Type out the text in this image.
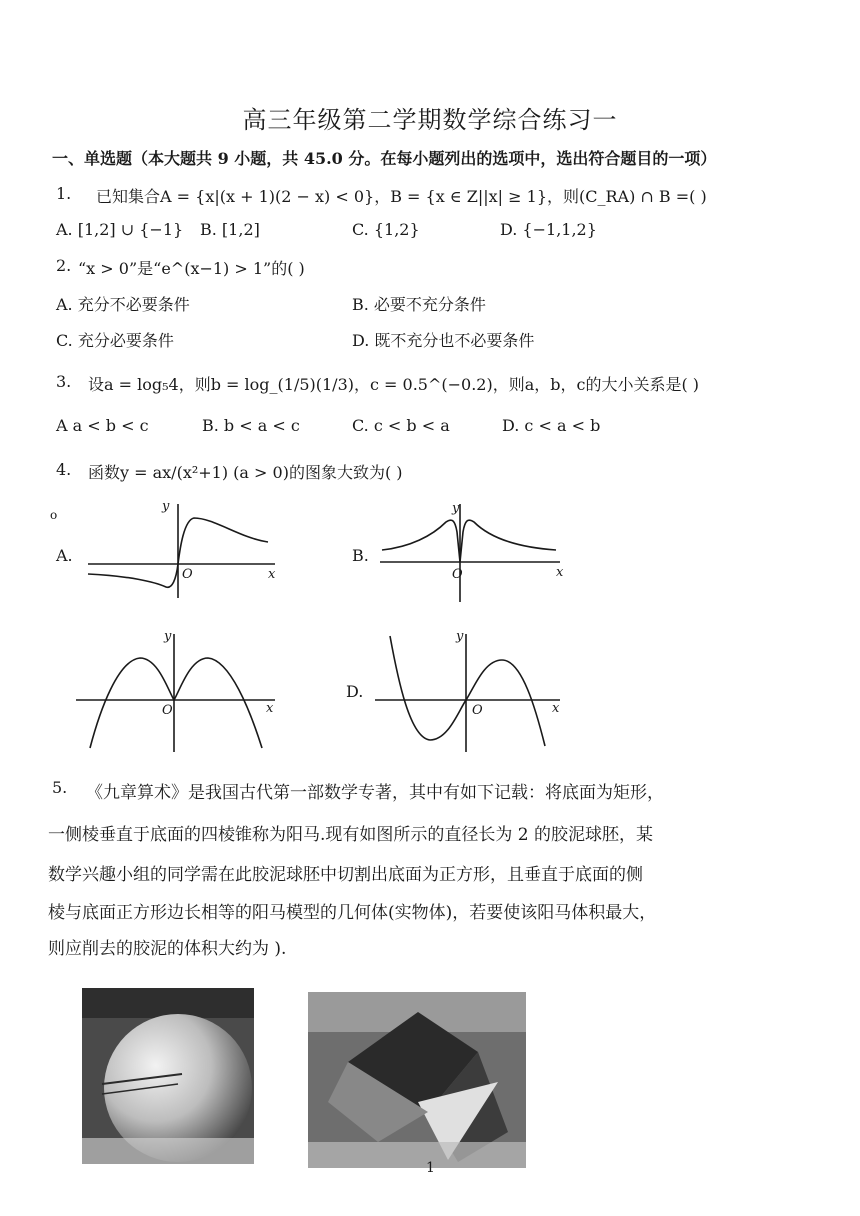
高三年级第二学期数学综合练习一
一、单选题（本大题共 9 小题，共 45.0 分。在每小题列出的选项中，选出符合题目的一项）
1. 已知集合A = {x|(x + 1)(2 − x) < 0}，B = {x ∈ Z||x| ≥ 1}，则(C_RA) ∩ B =( )
A. [1,2] ∪ {−1} B. [1,2]	C. {1,2}	D. {−1,1,2}
2. “x > 0”是“e^(x−1) > 1”的( )
A. 充分不必要条件	B. 必要不充分条件
C. 充分必要条件	D. 既不充分也不必要条件
3. 设a = log₅4，则b = log_(1/5)(1/3)，c = 0.5^(−0.2)，则a，b，c的大小关系是( )
A a < b < c	B. b < a < c	C. c < b < a	D. c < a < b
4. 函数y = ax/(x²+1) (a > 0)的图象大致为( )
o
A.	B.
D.
y
x
O
y
x
O
y
x
O
y
x
O
5. 《九章算术》是我国古代第一部数学专著，其中有如下记载：将底面为矩形，
一侧棱垂直于底面的四棱锥称为阳马.现有如图所示的直径长为 2 的胶泥球胚，某
数学兴趣小组的同学需在此胶泥球胚中切割出底面为正方形，且垂直于底面的侧
棱与底面正方形边长相等的阳马模型的几何体(实物体)，若要使该阳马体积最大，
则应削去的胶泥的体积大约为 ).
1
